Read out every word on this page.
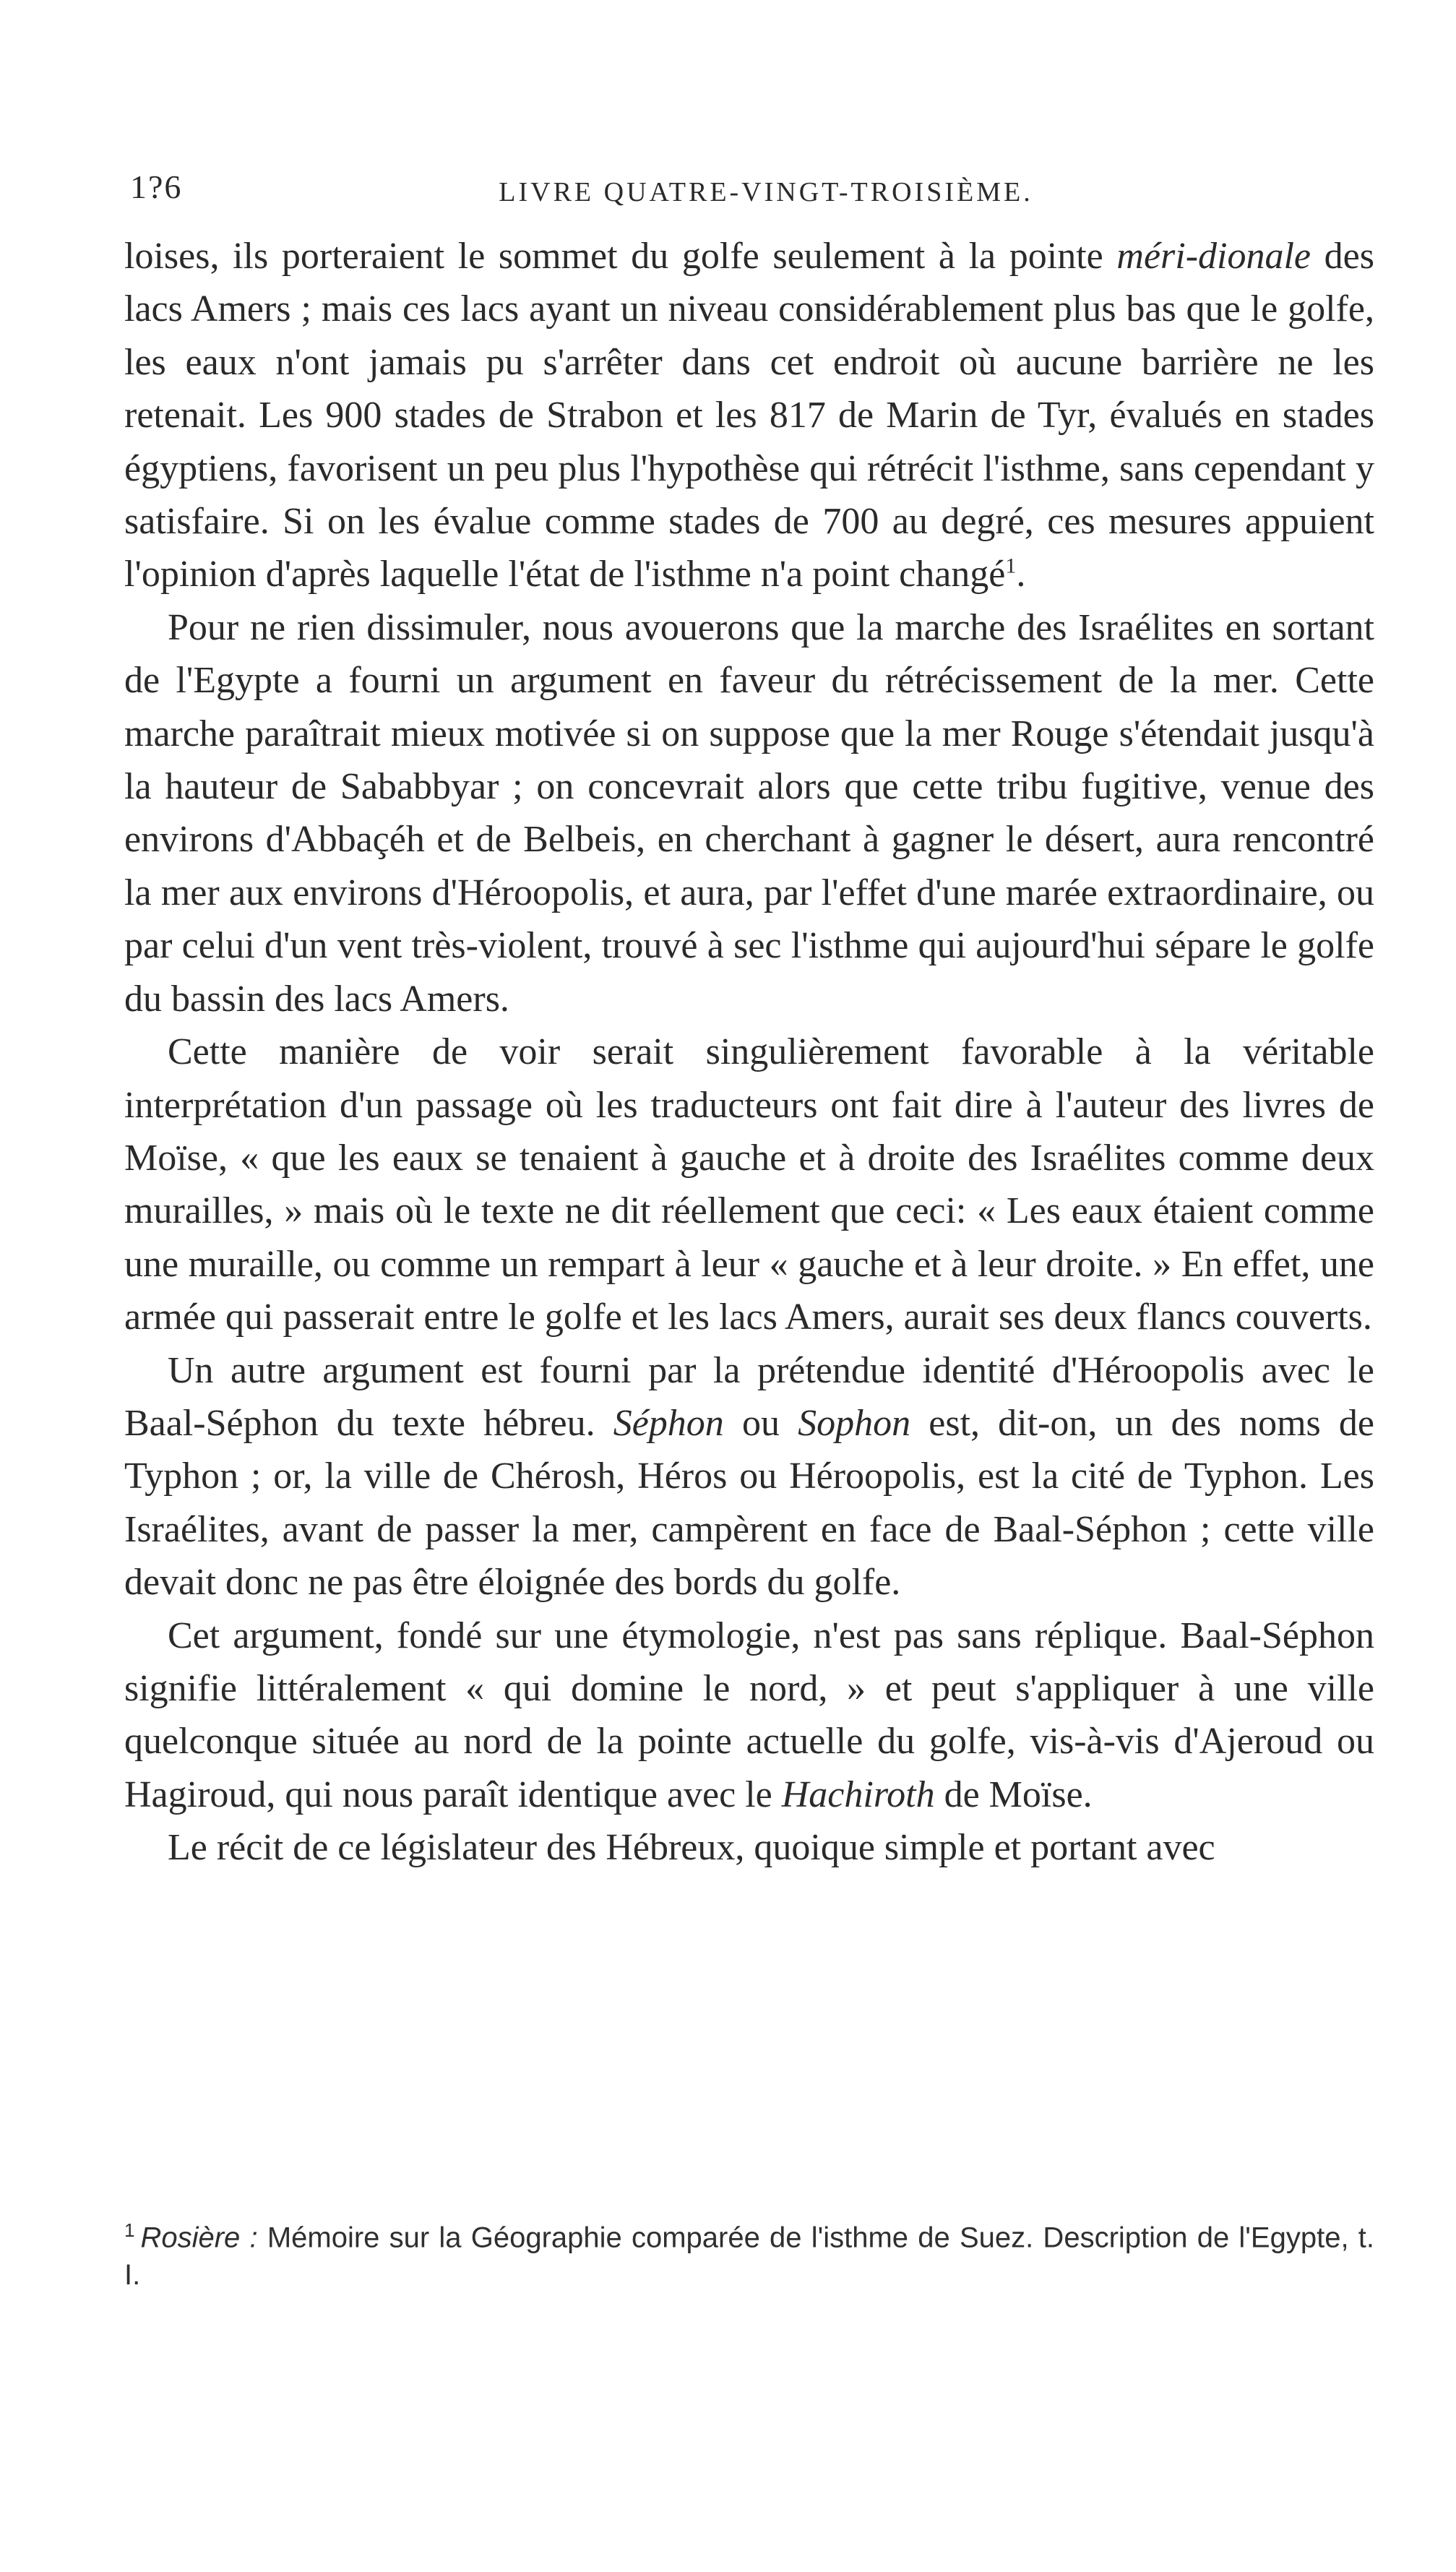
1?6	LIVRE QUATRE-VINGT-TROISIÈME.

loises, ils porteraient le sommet du golfe seulement à la pointe méri-dionale des lacs Amers ; mais ces lacs ayant un niveau considérablement plus bas que le golfe, les eaux n'ont jamais pu s'arrêter dans cet endroit où aucune barrière ne les retenait. Les 900 stades de Strabon et les 817 de Marin de Tyr, évalués en stades égyptiens, favorisent un peu plus l'hypothèse qui rétrécit l'isthme, sans cependant y satisfaire. Si on les évalue comme stades de 700 au degré, ces mesures appuient l'opinion d'après laquelle l'état de l'isthme n'a point changé$^1$.

Pour ne rien dissimuler, nous avouerons que la marche des Israélites en sortant de l'Egypte a fourni un argument en faveur du rétrécissement de la mer. Cette marche paraîtrait mieux motivée si on suppose que la mer Rouge s'étendait jusqu'à la hauteur de Sababbyar ; on concevrait alors que cette tribu fugitive, venue des environs d'Abbaçéh et de Belbeis, en cherchant à gagner le désert, aura rencontré la mer aux environs d'Héroopolis, et aura, par l'effet d'une marée extraordinaire, ou par celui d'un vent très-violent, trouvé à sec l'isthme qui aujourd'hui sépare le golfe du bassin des lacs Amers.

Cette manière de voir serait singulièrement favorable à la véritable interprétation d'un passage où les traducteurs ont fait dire à l'auteur des livres de Moïse, « que les eaux se tenaient à gauche et à droite des Israélites comme deux murailles, » mais où le texte ne dit réellement que ceci: « Les eaux étaient comme une muraille, ou comme un rempart à leur « gauche et à leur droite. » En effet, une armée qui passerait entre le golfe et les lacs Amers, aurait ses deux flancs couverts.

Un autre argument est fourni par la prétendue identité d'Héroopolis avec le Baal-Séphon du texte hébreu. Séphon ou Sophon est, dit-on, un des noms de Typhon ; or, la ville de Chérosh, Héros ou Héroopolis, est la cité de Typhon. Les Israélites, avant de passer la mer, campèrent en face de Baal-Séphon ; cette ville devait donc ne pas être éloignée des bords du golfe.

Cet argument, fondé sur une étymologie, n'est pas sans réplique. Baal-Séphon signifie littéralement « qui domine le nord, » et peut s'appliquer à une ville quelconque située au nord de la pointe actuelle du golfe, vis-à-vis d'Ajeroud ou Hagiroud, qui nous paraît identique avec le Hachiroth de Moïse.

Le récit de ce législateur des Hébreux, quoique simple et portant avec

$^1$ Rosière : Mémoire sur la Géographie comparée de l'isthme de Suez. Description de l'Egypte, t. I.
